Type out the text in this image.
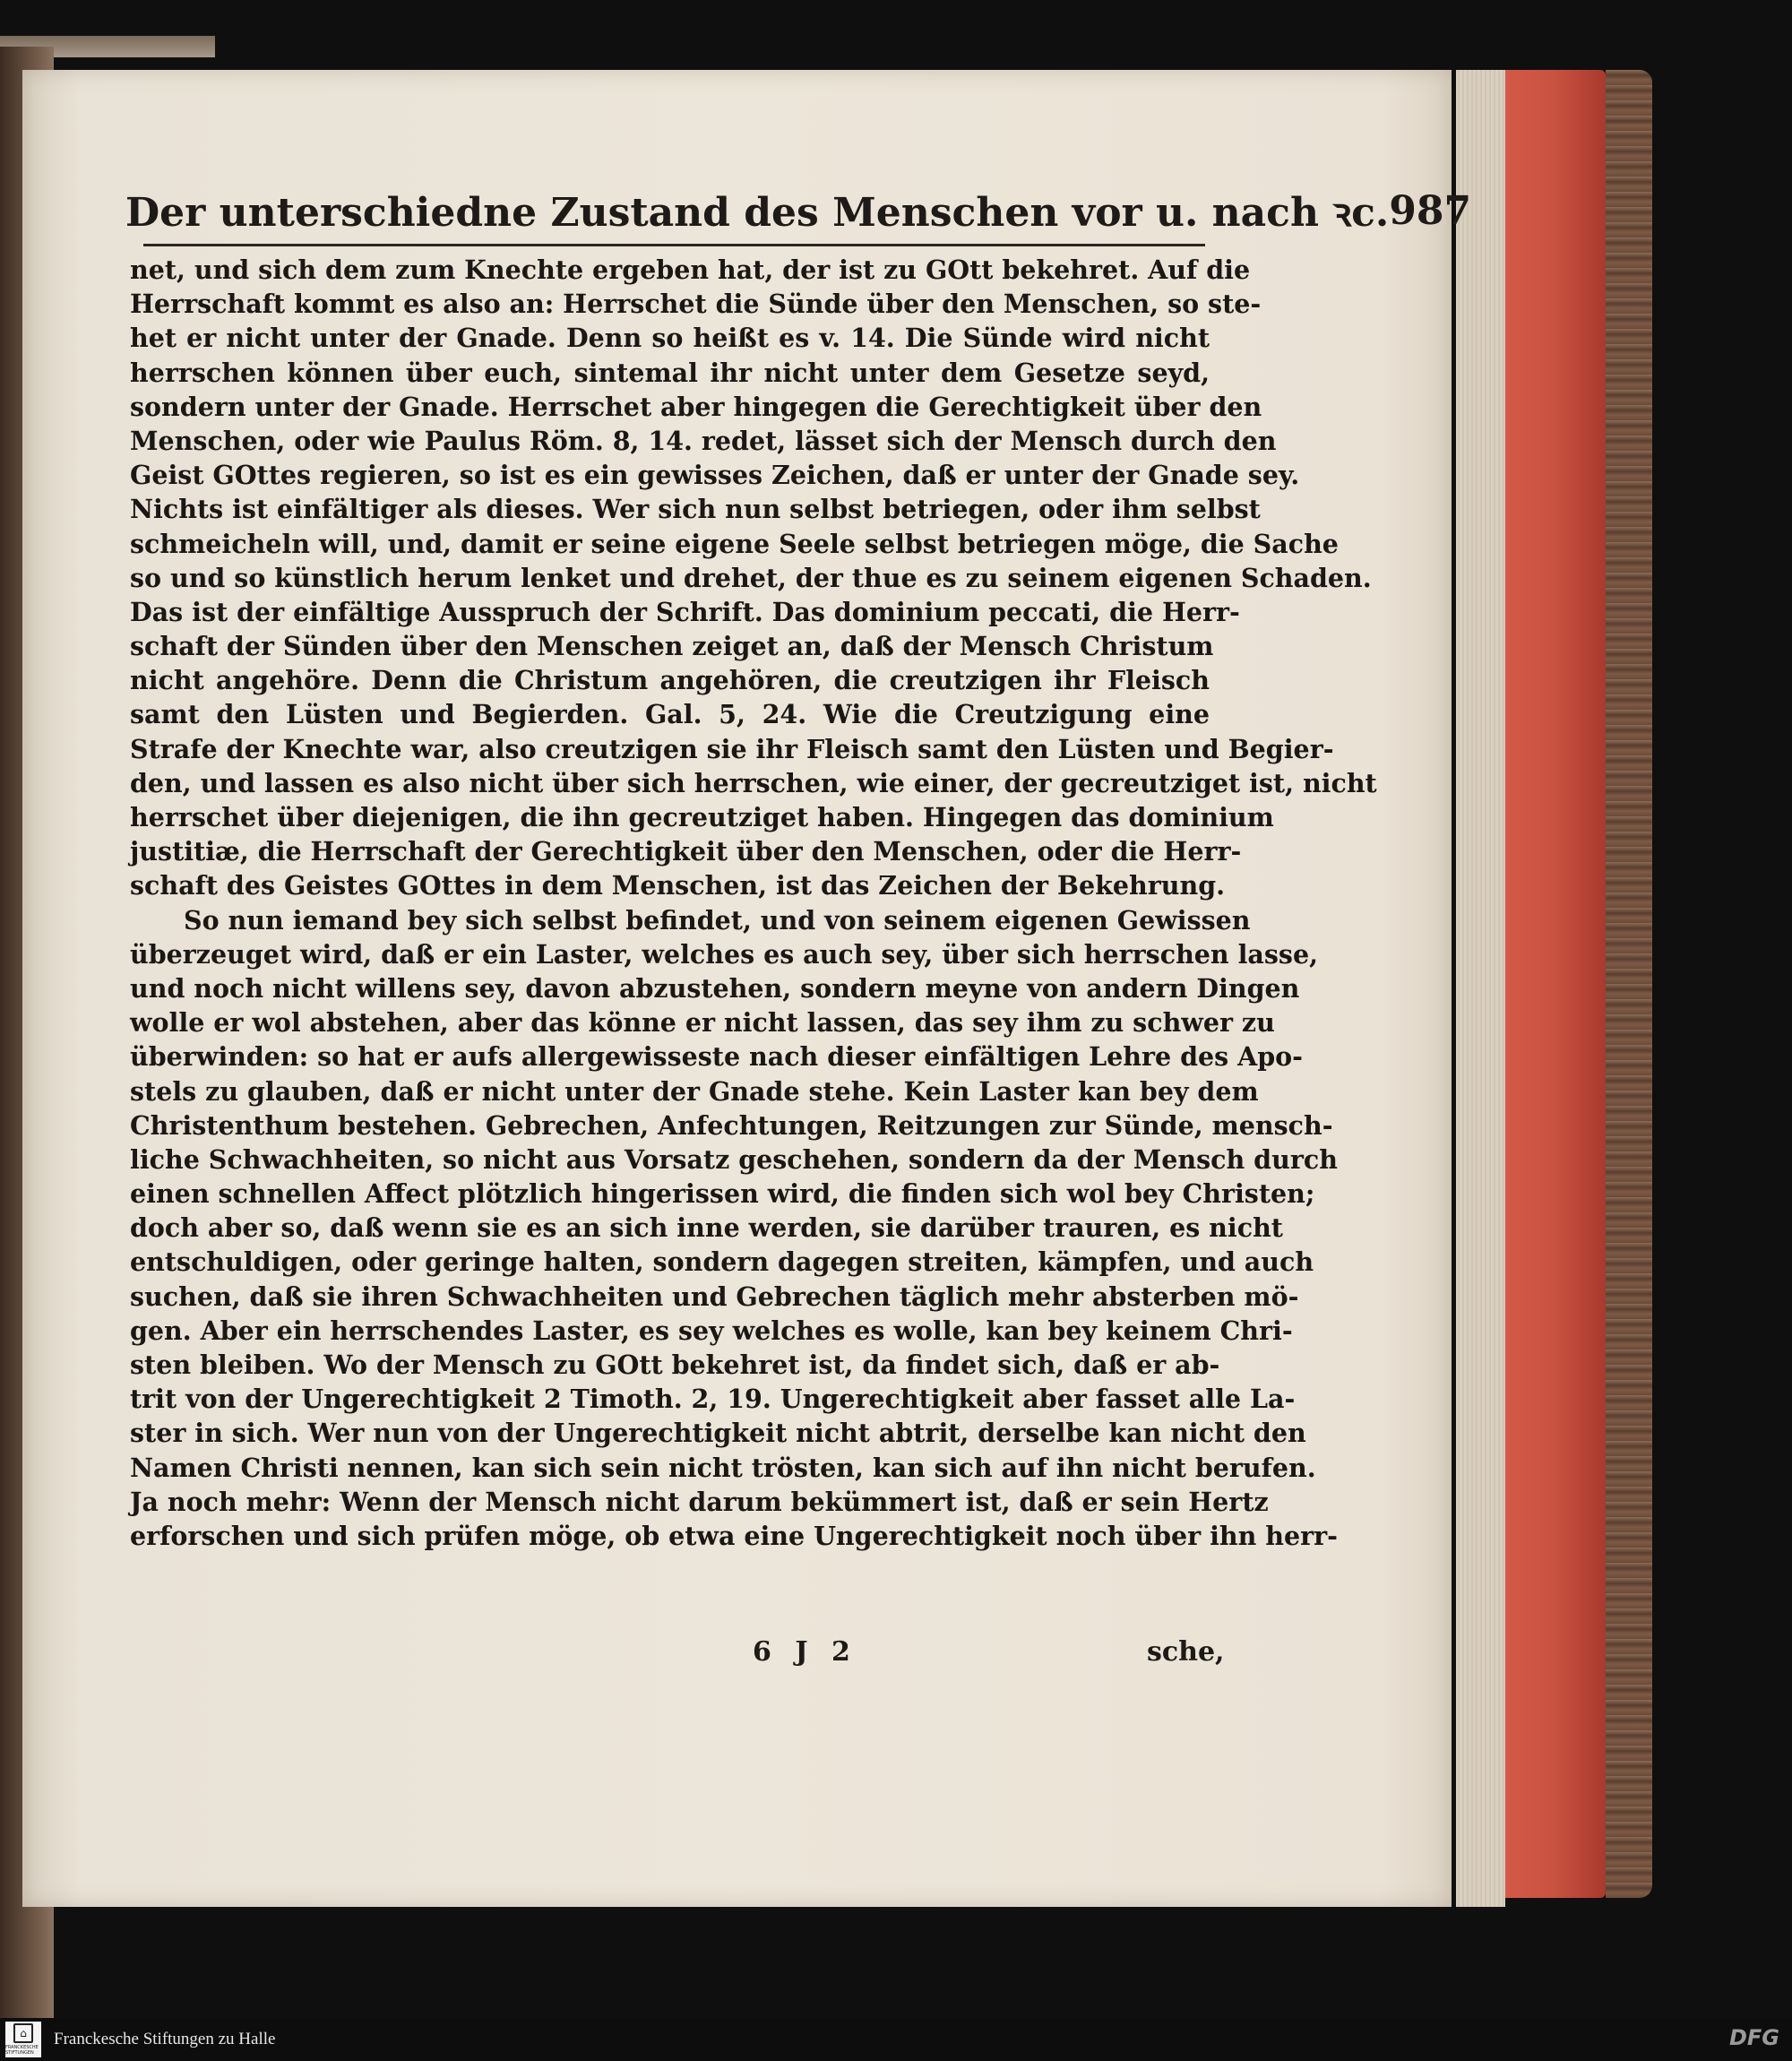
Der unterschiedne Zustand des Menschen vor u. nach ꝛc. 987
net, und sich dem zum Knechte ergeben hat, der ist zu GOtt bekehret. Auf die
Herrschaft kommt es also an: Herrschet die Sünde über den Menschen, so ste-
het er nicht unter der Gnade. Denn so heißt es v. 14. Die Sünde wird nicht
herrschen können über euch, sintemal ihr nicht unter dem Gesetze seyd,
sondern unter der Gnade. Herrschet aber hingegen die Gerechtigkeit über den
Menschen, oder wie Paulus Röm. 8, 14. redet, lässet sich der Mensch durch den
Geist GOttes regieren, so ist es ein gewisses Zeichen, daß er unter der Gnade sey.
Nichts ist einfältiger als dieses. Wer sich nun selbst betriegen, oder ihm selbst
schmeicheln will, und, damit er seine eigene Seele selbst betriegen möge, die Sache
so und so künstlich herum lenket und drehet, der thue es zu seinem eigenen Schaden.
Das ist der einfältige Ausspruch der Schrift. Das dominium peccati, die Herr-
schaft der Sünden über den Menschen zeiget an, daß der Mensch Christum
nicht angehöre. Denn die Christum angehören, die creutzigen ihr Fleisch
samt den Lüsten und Begierden. Gal. 5, 24. Wie die Creutzigung eine
Strafe der Knechte war, also creutzigen sie ihr Fleisch samt den Lüsten und Begier-
den, und lassen es also nicht über sich herrschen, wie einer, der gecreutziget ist, nicht
herrschet über diejenigen, die ihn gecreutziget haben. Hingegen das dominium
justitiæ, die Herrschaft der Gerechtigkeit über den Menschen, oder die Herr-
schaft des Geistes GOttes in dem Menschen, ist das Zeichen der Bekehrung.
So nun iemand bey sich selbst befindet, und von seinem eigenen Gewissen
überzeuget wird, daß er ein Laster, welches es auch sey, über sich herrschen lasse,
und noch nicht willens sey, davon abzustehen, sondern meyne von andern Dingen
wolle er wol abstehen, aber das könne er nicht lassen, das sey ihm zu schwer zu
überwinden: so hat er aufs allergewisseste nach dieser einfältigen Lehre des Apo-
stels zu glauben, daß er nicht unter der Gnade stehe. Kein Laster kan bey dem
Christenthum bestehen. Gebrechen, Anfechtungen, Reitzungen zur Sünde, mensch-
liche Schwachheiten, so nicht aus Vorsatz geschehen, sondern da der Mensch durch
einen schnellen Affect plötzlich hingerissen wird, die finden sich wol bey Christen;
doch aber so, daß wenn sie es an sich inne werden, sie darüber trauren, es nicht
entschuldigen, oder geringe halten, sondern dagegen streiten, kämpfen, und auch
suchen, daß sie ihren Schwachheiten und Gebrechen täglich mehr absterben mö-
gen. Aber ein herrschendes Laster, es sey welches es wolle, kan bey keinem Chri-
sten bleiben. Wo der Mensch zu GOtt bekehret ist, da findet sich, daß er ab-
trit von der Ungerechtigkeit 2 Timoth. 2, 19. Ungerechtigkeit aber fasset alle La-
ster in sich. Wer nun von der Ungerechtigkeit nicht abtrit, derselbe kan nicht den
Namen Christi nennen, kan sich sein nicht trösten, kan sich auf ihn nicht berufen.
Ja noch mehr: Wenn der Mensch nicht darum bekümmert ist, daß er sein Hertz
erforschen und sich prüfen möge, ob etwa eine Ungerechtigkeit noch über ihn herr-
6 J 2	sche,
⌂
FRANCKESCHE STIFTUNGEN
Franckesche Stiftungen zu Halle	DFG
